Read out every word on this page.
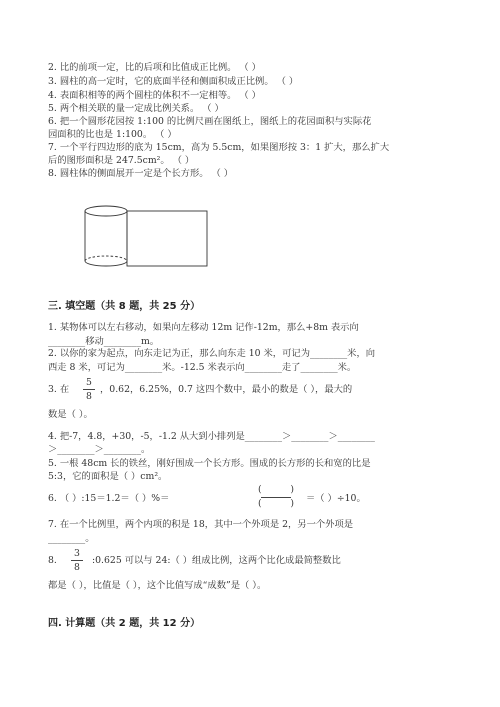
2. 比的前项一定，比的后项和比值成正比例。 （ ）
3. 圆柱的高一定时，它的底面半径和侧面积成正比例。 （ ）
4. 表面积相等的两个圆柱的体积不一定相等。 （ ）
5. 两个相关联的量一定成比例关系。 （ ）
6. 把一个圆形花园按 1:100 的比例尺画在图纸上，图纸上的花园面积与实际花
园面积的比也是 1:100。 （ ）
7. 一个平行四边形的底为 15cm，高为 5.5cm，如果图形按 3：1 扩大，那么扩大
后的图形面积是 247.5cm²。 （ ）
8. 圆柱体的侧面展开一定是个长方形。 （ ）
三. 填空题（共 8 题，共 25 分）
1. 某物体可以左右移动，如果向左移动 12m 记作-12m，那么+8m 表示向
________移动________m。
2. 以你的家为起点，向东走记为正，那么向东走 10 米，可记为________米，向
西走 8 米，可记为________米。-12.5 米表示向________走了________米。
3. 在
5
8
，0.62，6.25%，0.7 这四个数中，最小的数是（ ），最大的
数是（ ）。
4. 把-7，4.8，+30，-5，-1.2 从大到小排列是________＞________＞________
＞________＞________。
5. 一根 48cm 长的铁丝，刚好围成一个长方形。围成的长方形的长和宽的比是
5:3，它的面积是（ ）cm²。
6. （ ）:15＝1.2＝（ ）%＝
(	)
(	) ＝（ ）÷10。
7. 在一个比例里，两个内项的积是 18，其中一个外项是 2，另一个外项是
________。
8.
3
8
:0.625 可以与 24:（ ）组成比例，这两个比化成最简整数比
都是（ ），比值是（ ），这个比值写成“成数”是（ ）。
四. 计算题（共 2 题，共 12 分）
